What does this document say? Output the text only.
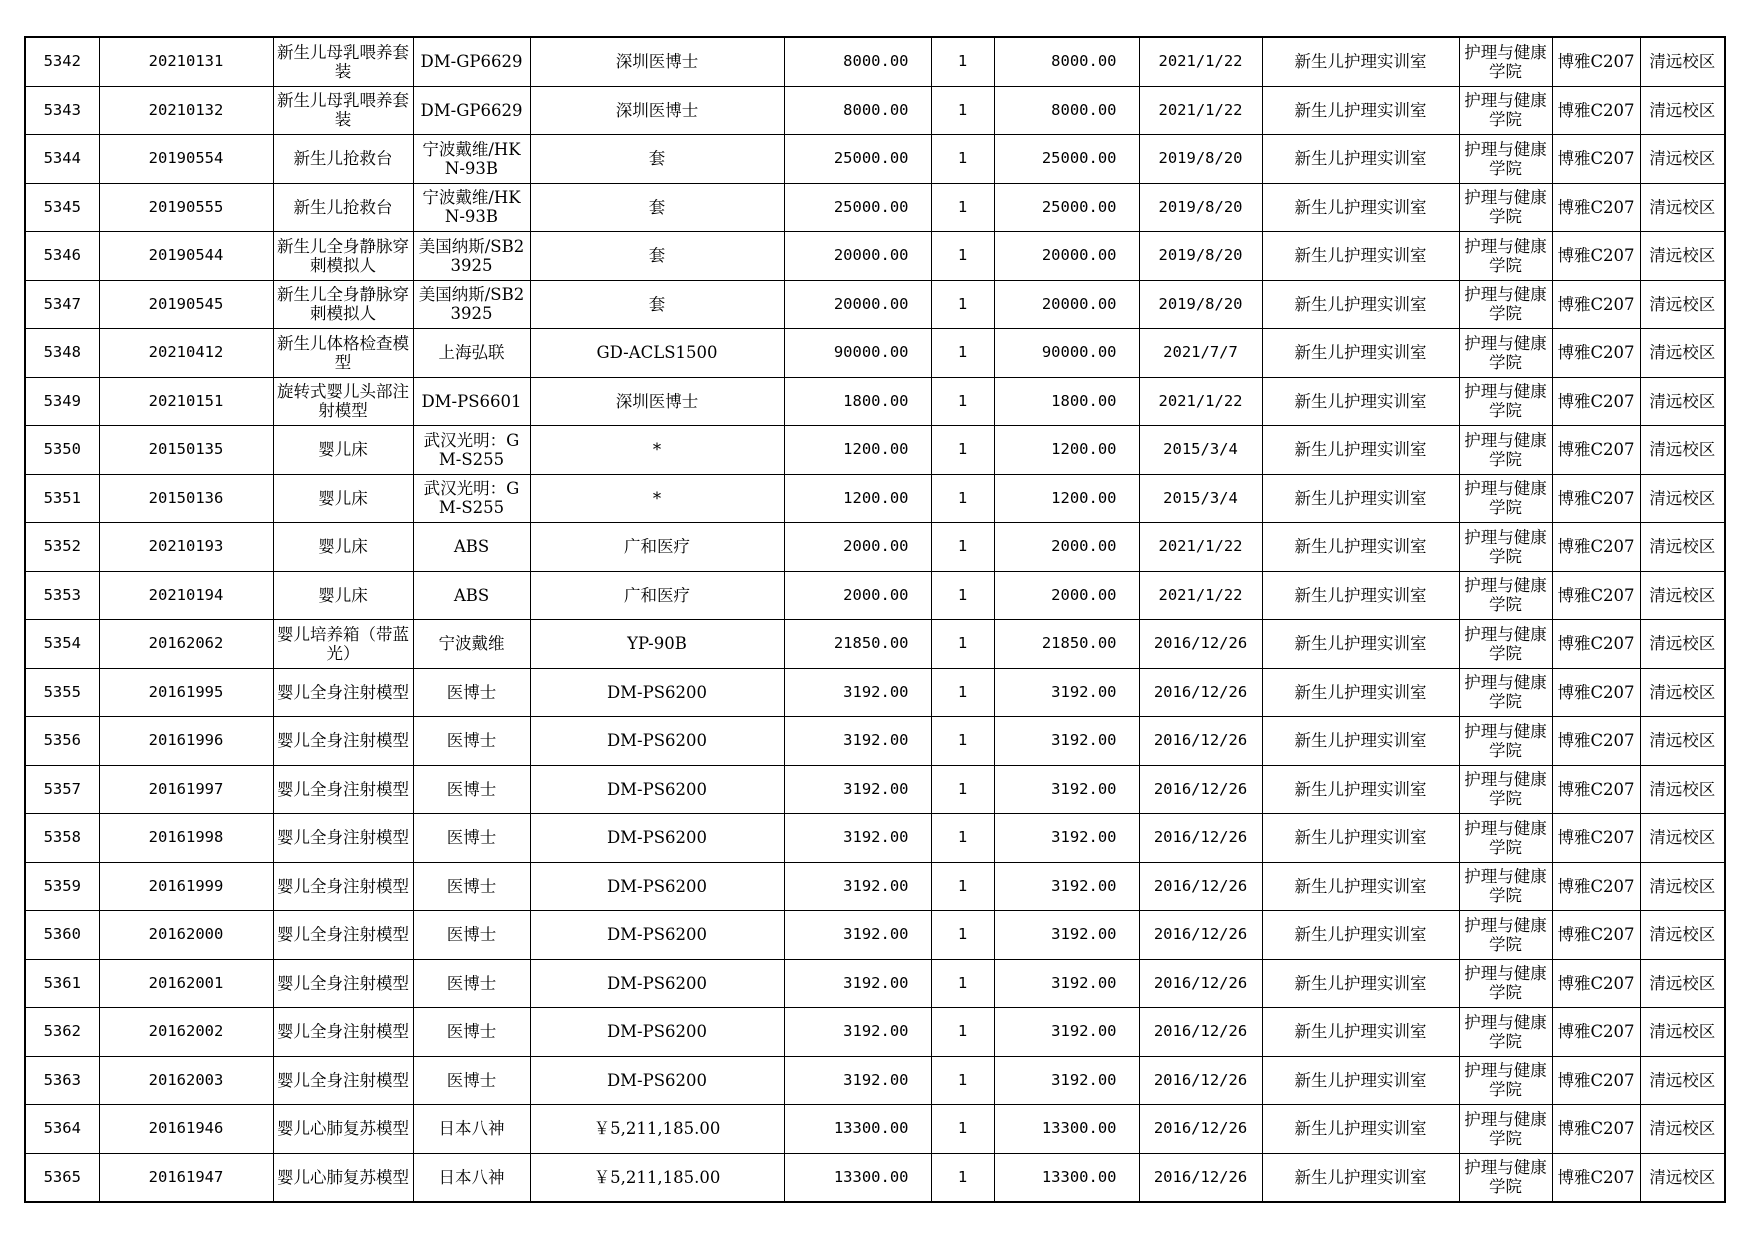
5342	20210131	新生儿母乳喂养套装	DM-GP6629	深圳医博士	8000.00	1	8000.00	2021/1/22	新生儿护理实训室	护理与健康学院	博雅C207	清远校区
5343	20210132	新生儿母乳喂养套装	DM-GP6629	深圳医博士	8000.00	1	8000.00	2021/1/22	新生儿护理实训室	护理与健康学院	博雅C207	清远校区
5344	20190554	新生儿抢救台	宁波戴维/HKN-93B	套	25000.00	1	25000.00	2019/8/20	新生儿护理实训室	护理与健康学院	博雅C207	清远校区
5345	20190555	新生儿抢救台	宁波戴维/HKN-93B	套	25000.00	1	25000.00	2019/8/20	新生儿护理实训室	护理与健康学院	博雅C207	清远校区
5346	20190544	新生儿全身静脉穿刺模拟人	美国纳斯/SB23925	套	20000.00	1	20000.00	2019/8/20	新生儿护理实训室	护理与健康学院	博雅C207	清远校区
5347	20190545	新生儿全身静脉穿刺模拟人	美国纳斯/SB23925	套	20000.00	1	20000.00	2019/8/20	新生儿护理实训室	护理与健康学院	博雅C207	清远校区
5348	20210412	新生儿体格检查模型	上海弘联	GD-ACLS1500	90000.00	1	90000.00	2021/7/7	新生儿护理实训室	护理与健康学院	博雅C207	清远校区
5349	20210151	旋转式婴儿头部注射模型	DM-PS6601	深圳医博士	1800.00	1	1800.00	2021/1/22	新生儿护理实训室	护理与健康学院	博雅C207	清远校区
5350	20150135	婴儿床	武汉光明：GM-S255	*	1200.00	1	1200.00	2015/3/4	新生儿护理实训室	护理与健康学院	博雅C207	清远校区
5351	20150136	婴儿床	武汉光明：GM-S255	*	1200.00	1	1200.00	2015/3/4	新生儿护理实训室	护理与健康学院	博雅C207	清远校区
5352	20210193	婴儿床	ABS	广和医疗	2000.00	1	2000.00	2021/1/22	新生儿护理实训室	护理与健康学院	博雅C207	清远校区
5353	20210194	婴儿床	ABS	广和医疗	2000.00	1	2000.00	2021/1/22	新生儿护理实训室	护理与健康学院	博雅C207	清远校区
5354	20162062	婴儿培养箱（带蓝光）	宁波戴维	YP-90B	21850.00	1	21850.00	2016/12/26	新生儿护理实训室	护理与健康学院	博雅C207	清远校区
5355	20161995	婴儿全身注射模型	医博士	DM-PS6200	3192.00	1	3192.00	2016/12/26	新生儿护理实训室	护理与健康学院	博雅C207	清远校区
5356	20161996	婴儿全身注射模型	医博士	DM-PS6200	3192.00	1	3192.00	2016/12/26	新生儿护理实训室	护理与健康学院	博雅C207	清远校区
5357	20161997	婴儿全身注射模型	医博士	DM-PS6200	3192.00	1	3192.00	2016/12/26	新生儿护理实训室	护理与健康学院	博雅C207	清远校区
5358	20161998	婴儿全身注射模型	医博士	DM-PS6200	3192.00	1	3192.00	2016/12/26	新生儿护理实训室	护理与健康学院	博雅C207	清远校区
5359	20161999	婴儿全身注射模型	医博士	DM-PS6200	3192.00	1	3192.00	2016/12/26	新生儿护理实训室	护理与健康学院	博雅C207	清远校区
5360	20162000	婴儿全身注射模型	医博士	DM-PS6200	3192.00	1	3192.00	2016/12/26	新生儿护理实训室	护理与健康学院	博雅C207	清远校区
5361	20162001	婴儿全身注射模型	医博士	DM-PS6200	3192.00	1	3192.00	2016/12/26	新生儿护理实训室	护理与健康学院	博雅C207	清远校区
5362	20162002	婴儿全身注射模型	医博士	DM-PS6200	3192.00	1	3192.00	2016/12/26	新生儿护理实训室	护理与健康学院	博雅C207	清远校区
5363	20162003	婴儿全身注射模型	医博士	DM-PS6200	3192.00	1	3192.00	2016/12/26	新生儿护理实训室	护理与健康学院	博雅C207	清远校区
5364	20161946	婴儿心肺复苏模型	日本八神	￥5,211,185.00	13300.00	1	13300.00	2016/12/26	新生儿护理实训室	护理与健康学院	博雅C207	清远校区
5365	20161947	婴儿心肺复苏模型	日本八神	￥5,211,185.00	13300.00	1	13300.00	2016/12/26	新生儿护理实训室	护理与健康学院	博雅C207	清远校区
